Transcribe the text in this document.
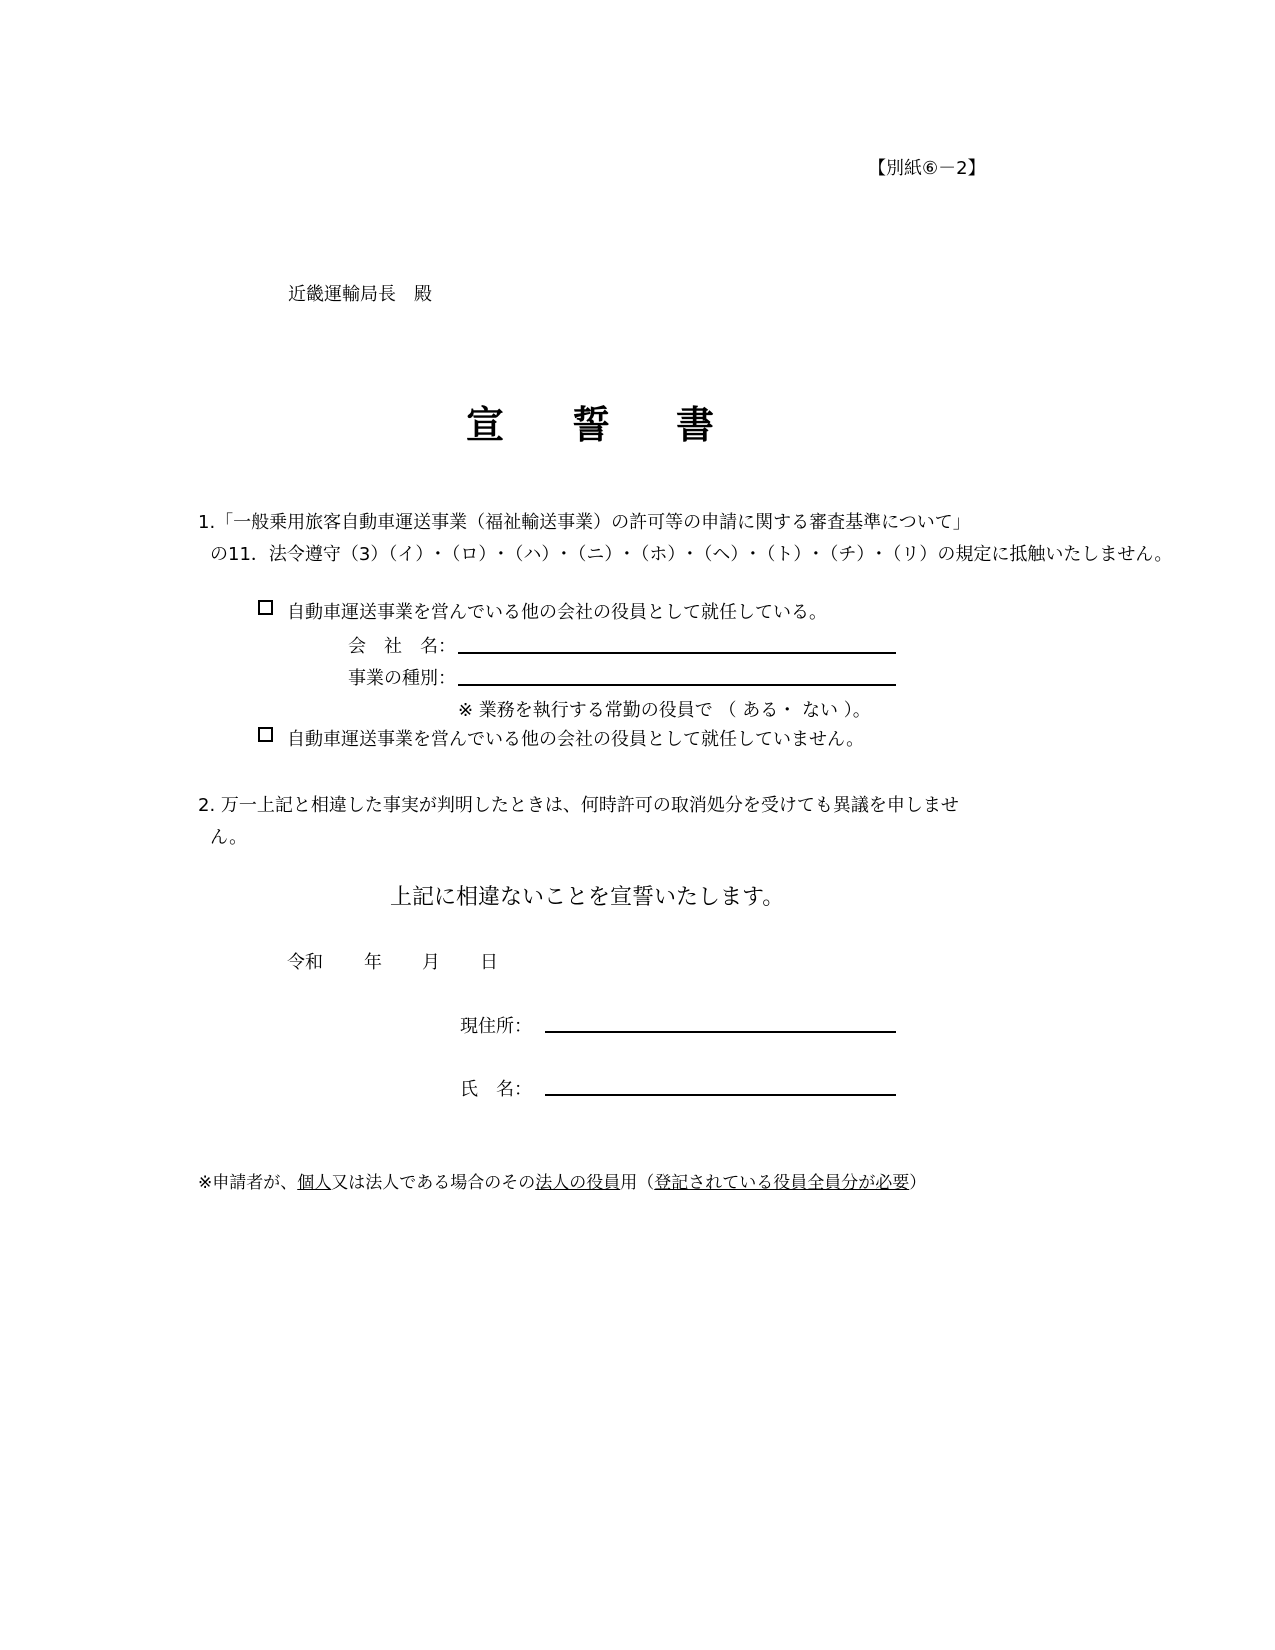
【別紙⑥－2】
近畿運輸局長　殿
宣 誓 書
1.「一般乗用旅客自動車運送事業（福祉輸送事業）の許可等の申請に関する審査基準について」
の11．法令遵守（3）（イ）･（ロ）･（ハ）･（ニ）･（ホ）･（ヘ）･（ト）･（チ）･（リ）の規定に抵触いたしません。
自動車運送事業を営んでいる他の会社の役員として就任している。
会　社　名：
事業の種別：
※ 業務を執行する常勤の役員で （ ある・ ない ）。
自動車運送事業を営んでいる他の会社の役員として就任していません。
2. 万一上記と相違した事実が判明したときは、何時許可の取消処分を受けても異議を申しませ
ん。
上記に相違ないことを宣誓いたします。
令和 年 月 日
現住所：
氏　名：
※申請者が、個人又は法人である場合のその法人の役員用（登記されている役員全員分が必要）
